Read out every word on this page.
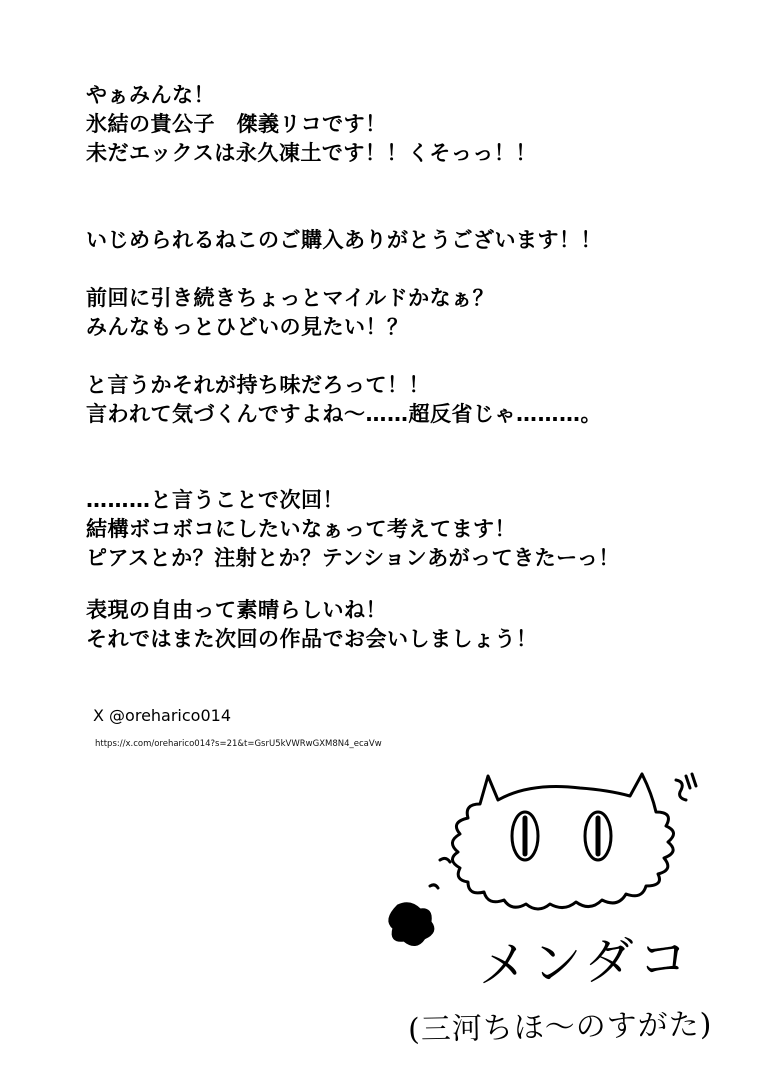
やぁみんな！
氷結の貴公子　傑義リコです！
未だエックスは永久凍土です！！くそっっ！！
いじめられるねこのご購入ありがとうございます！！
前回に引き続きちょっとマイルドかなぁ？
みんなもっとひどいの見たい！？
と言うかそれが持ち味だろって！！
言われて気づくんですよね〜……超反省じゃ………。
………と言うことで次回！
結構ボコボコにしたいなぁって考えてます！
ピアスとか？注射とか？テンションあがってきたーっ！
表現の自由って素晴らしいね！
それではまた次回の作品でお会いしましょう！
X @oreharico014
https://x.com/oreharico014?s=21&t=GsrU5kVWRwGXM8N4_ecaVw
メンダコ
(三河ちほ〜のすがた)
